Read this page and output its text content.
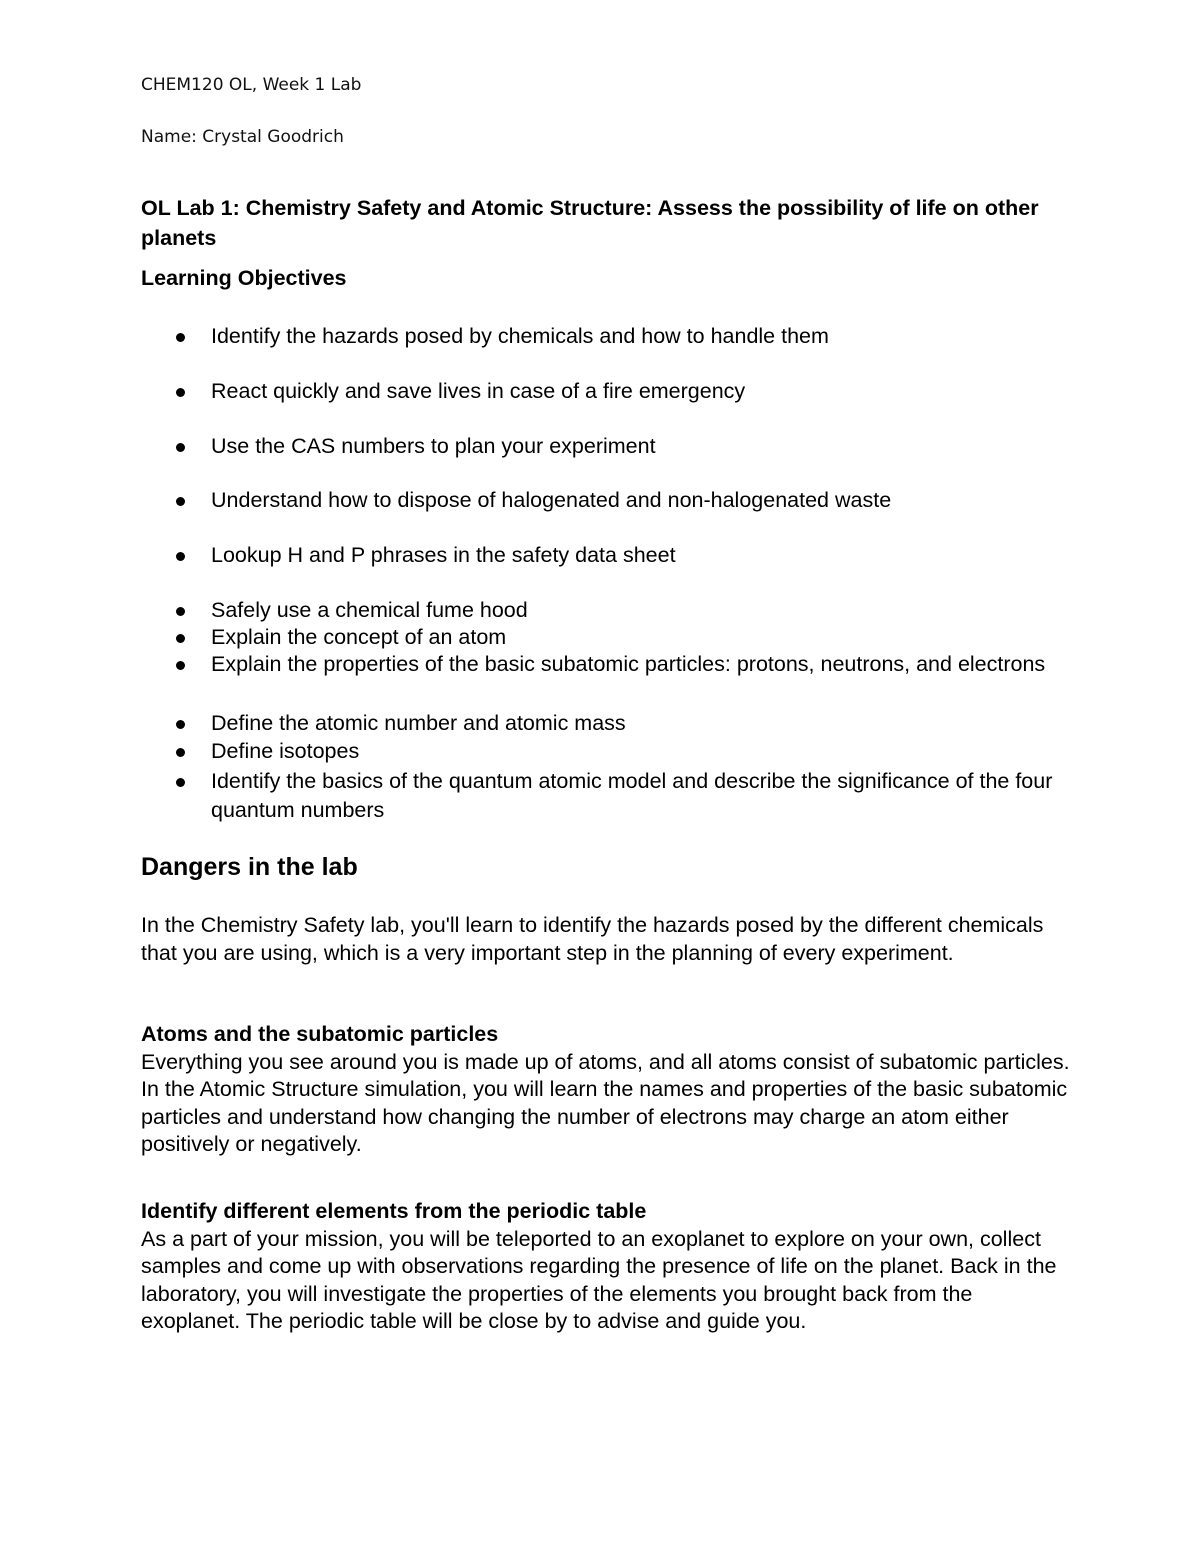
CHEM120 OL, Week 1 Lab
Name: Crystal Goodrich
OL Lab 1: Chemistry Safety and Atomic Structure: Assess the possibility of life on other planets
Learning Objectives
Identify the hazards posed by chemicals and how to handle them
React quickly and save lives in case of a fire emergency
Use the CAS numbers to plan your experiment
Understand how to dispose of halogenated and non-halogenated waste
Lookup H and P phrases in the safety data sheet
Safely use a chemical fume hood
Explain the concept of an atom
Explain the properties of the basic subatomic particles: protons, neutrons, and electrons
Define the atomic number and atomic mass
Define isotopes
Identify the basics of the quantum atomic model and describe the significance of the four quantum numbers
Dangers in the lab

In the Chemistry Safety lab, you'll learn to identify the hazards posed by the different chemicals that you are using, which is a very important step in the planning of every experiment.

Atoms and the subatomic particles
Everything you see around you is made up of atoms, and all atoms consist of subatomic particles. In the Atomic Structure simulation, you will learn the names and properties of the basic subatomic particles and understand how changing the number of electrons may charge an atom either positively or negatively.
Identify different elements from the periodic table
As a part of your mission, you will be teleported to an exoplanet to explore on your own, collect samples and come up with observations regarding the presence of life on the planet. Back in the laboratory, you will investigate the properties of the elements you brought back from the exoplanet. The periodic table will be close by to advise and guide you.
